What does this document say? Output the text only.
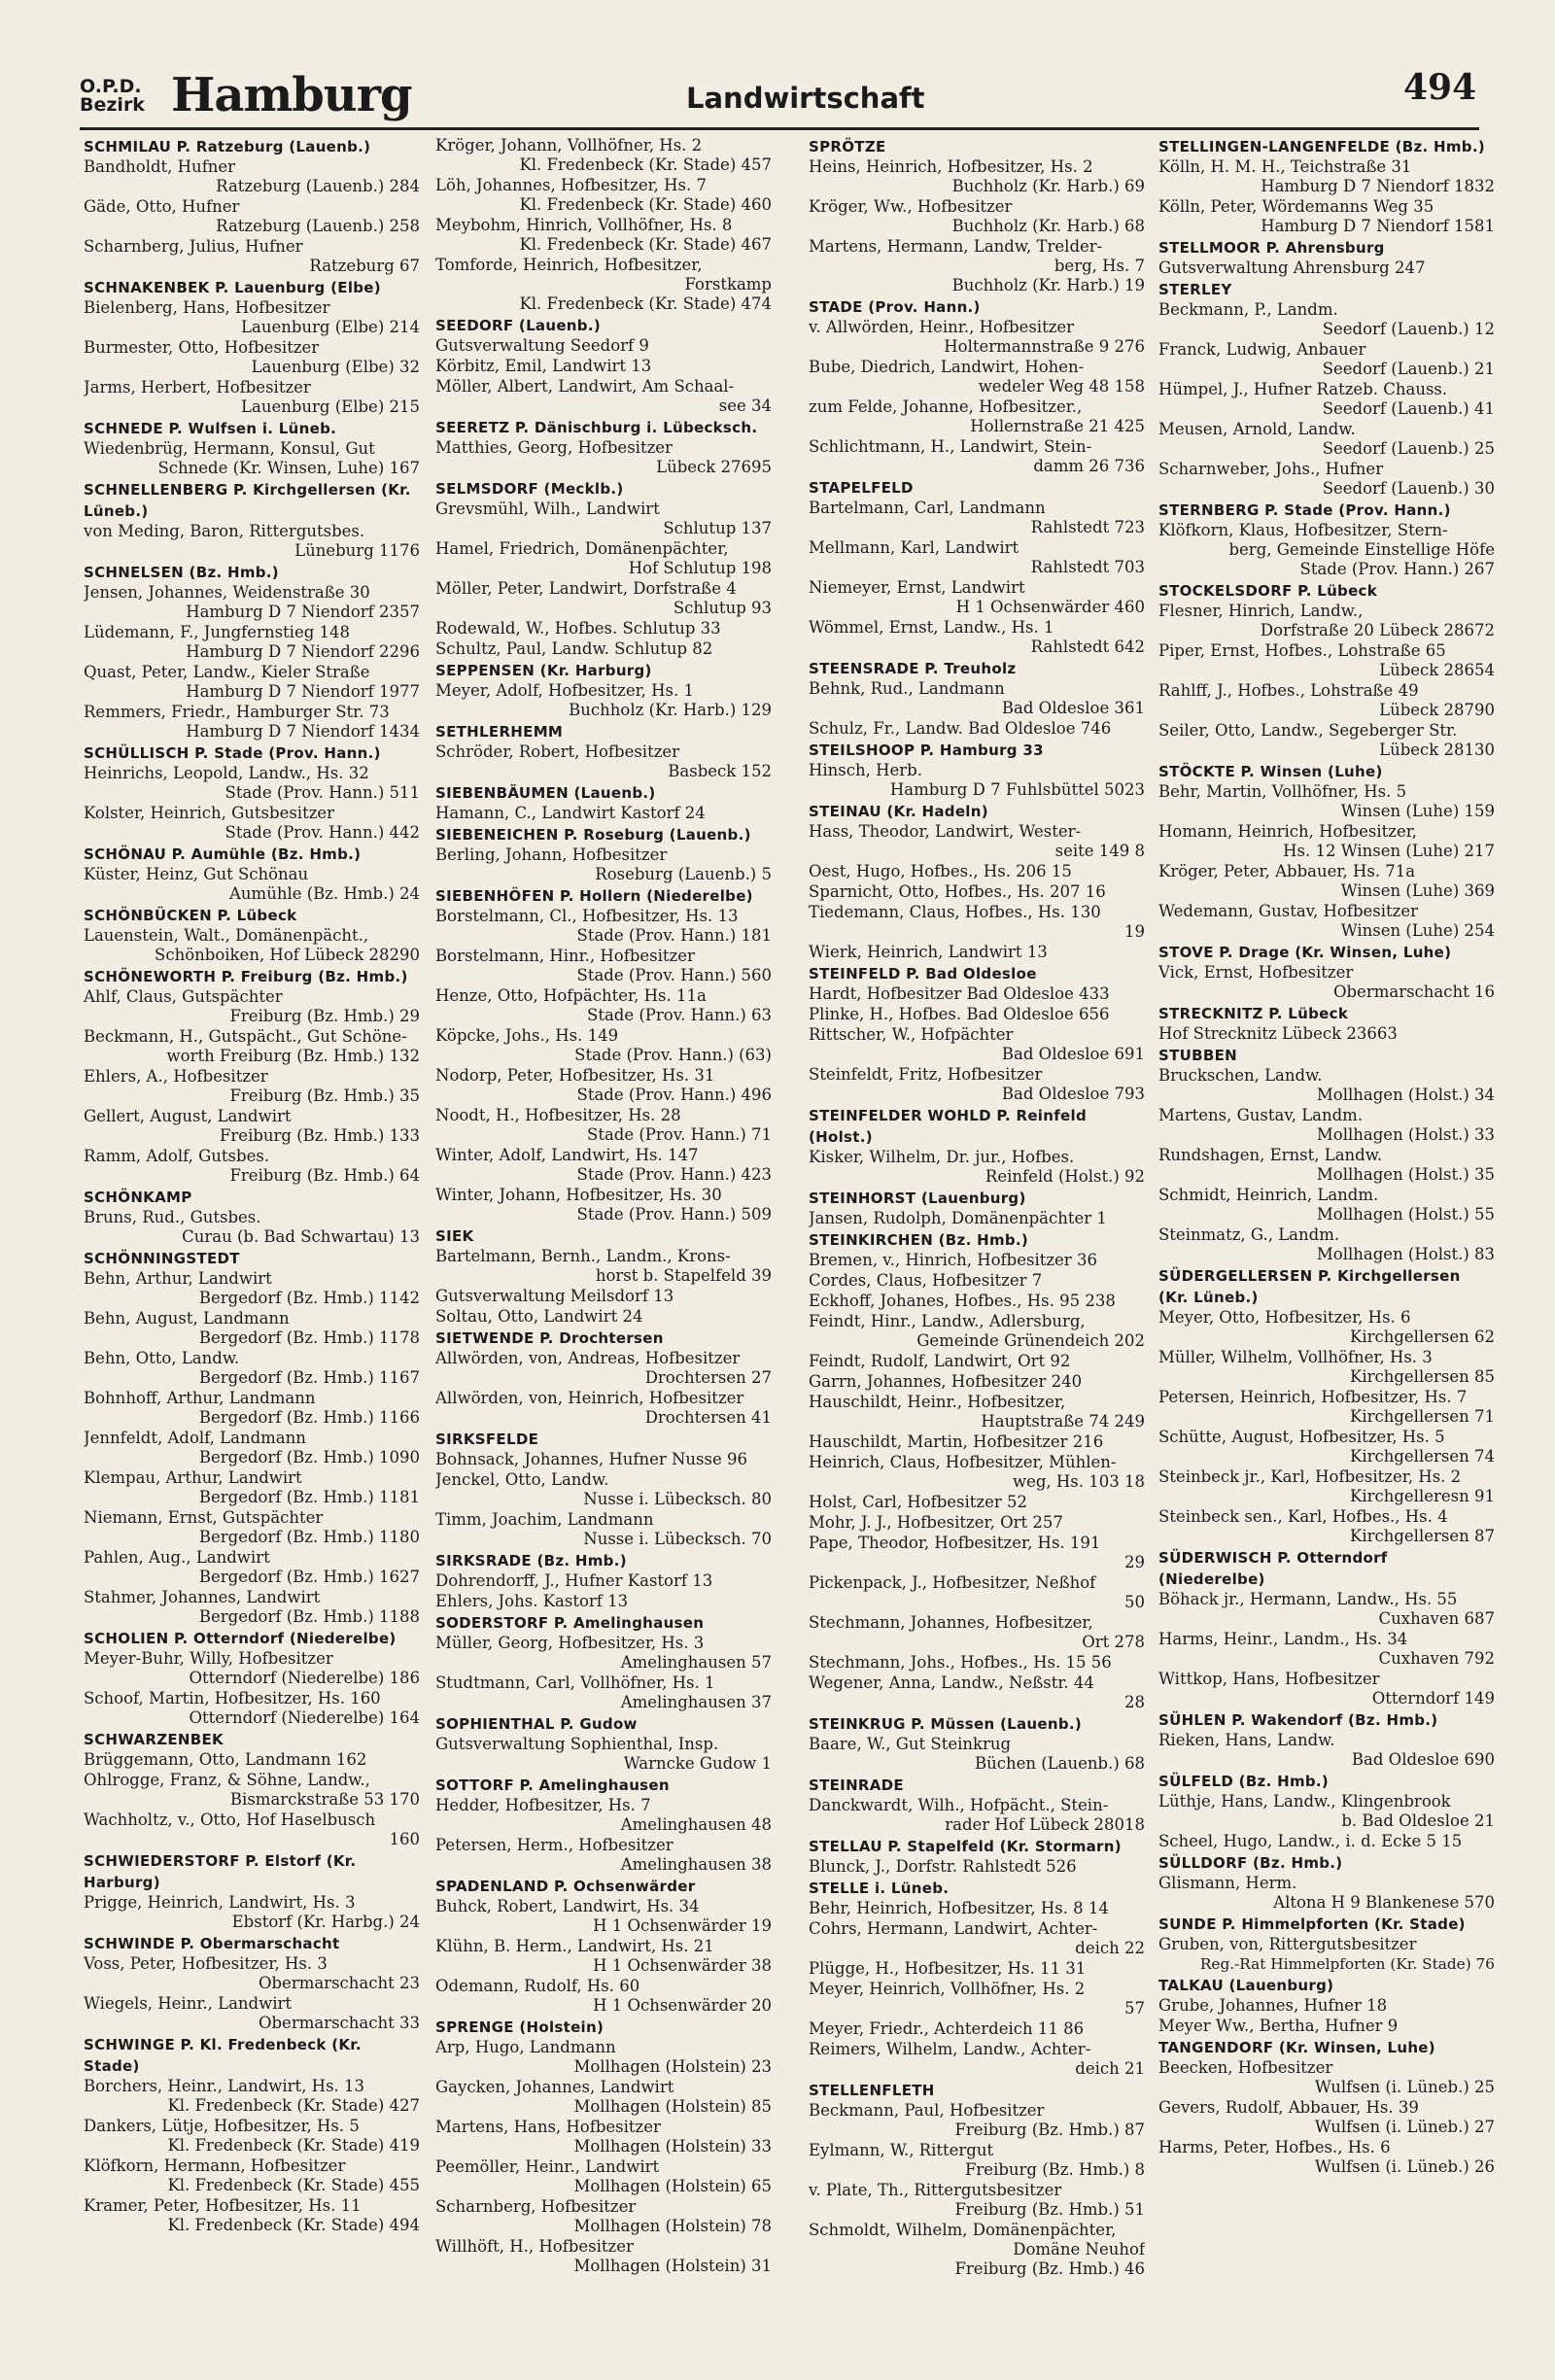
O.P.D.
Bezirk Hamburg	Landwirtschaft	494
SCHMILAU P. Ratzeburg (Lauenb.)
Bandholdt, Hufner
Ratzeburg (Lauenb.) 284
Gäde, Otto, Hufner
Ratzeburg (Lauenb.) 258
Scharnberg, Julius, Hufner
Ratzeburg 67
SCHNAKENBEK P. Lauenburg (Elbe)
Bielenberg, Hans, Hofbesitzer
Lauenburg (Elbe) 214
Burmester, Otto, Hofbesitzer
Lauenburg (Elbe) 32
Jarms, Herbert, Hofbesitzer
Lauenburg (Elbe) 215
SCHNEDE P. Wulfsen i. Lüneb.
Wiedenbrüg, Hermann, Konsul, Gut
Schnede (Kr. Winsen, Luhe) 167
SCHNELLENBERG P. Kirchgellersen (Kr. Lüneb.)
von Meding, Baron, Rittergutsbes.
Lüneburg 1176
SCHNELSEN (Bz. Hmb.)
Jensen, Johannes, Weidenstraße 30
Hamburg D 7 Niendorf 2357
Lüdemann, F., Jungfernstieg 148
Hamburg D 7 Niendorf 2296
Quast, Peter, Landw., Kieler Straße
Hamburg D 7 Niendorf 1977
Remmers, Friedr., Hamburger Str. 73
Hamburg D 7 Niendorf 1434
SCHÜLLISCH P. Stade (Prov. Hann.)
Heinrichs, Leopold, Landw., Hs. 32
Stade (Prov. Hann.) 511
Kolster, Heinrich, Gutsbesitzer
Stade (Prov. Hann.) 442
SCHÖNAU P. Aumühle (Bz. Hmb.)
Küster, Heinz, Gut Schönau
Aumühle (Bz. Hmb.) 24
SCHÖNBÜCKEN P. Lübeck
Lauenstein, Walt., Domänenpächt.,
Schönboiken, Hof Lübeck 28290
SCHÖNEWORTH P. Freiburg (Bz. Hmb.)
Ahlf, Claus, Gutspächter
Freiburg (Bz. Hmb.) 29
Beckmann, H., Gutspächt., Gut Schöne-
worth Freiburg (Bz. Hmb.) 132
Ehlers, A., Hofbesitzer
Freiburg (Bz. Hmb.) 35
Gellert, August, Landwirt
Freiburg (Bz. Hmb.) 133
Ramm, Adolf, Gutsbes.
Freiburg (Bz. Hmb.) 64
SCHÖNKAMP
Bruns, Rud., Gutsbes.
Curau (b. Bad Schwartau) 13
SCHÖNNINGSTEDT
Behn, Arthur, Landwirt
Bergedorf (Bz. Hmb.) 1142
Behn, August, Landmann
Bergedorf (Bz. Hmb.) 1178
Behn, Otto, Landw.
Bergedorf (Bz. Hmb.) 1167
Bohnhoff, Arthur, Landmann
Bergedorf (Bz. Hmb.) 1166
Jennfeldt, Adolf, Landmann
Bergedorf (Bz. Hmb.) 1090
Klempau, Arthur, Landwirt
Bergedorf (Bz. Hmb.) 1181
Niemann, Ernst, Gutspächter
Bergedorf (Bz. Hmb.) 1180
Pahlen, Aug., Landwirt
Bergedorf (Bz. Hmb.) 1627
Stahmer, Johannes, Landwirt
Bergedorf (Bz. Hmb.) 1188
SCHOLIEN P. Otterndorf (Niederelbe)
Meyer-Buhr, Willy, Hofbesitzer
Otterndorf (Niederelbe) 186
Schoof, Martin, Hofbesitzer, Hs. 160
Otterndorf (Niederelbe) 164
SCHWARZENBEK
Brüggemann, Otto, Landmann 162
Ohlrogge, Franz, & Söhne, Landw.,
Bismarckstraße 53 170
Wachholtz, v., Otto, Hof Haselbusch
160
SCHWIEDERSTORF P. Elstorf (Kr. Harburg)
Prigge, Heinrich, Landwirt, Hs. 3
Ebstorf (Kr. Harbg.) 24
SCHWINDE P. Obermarschacht
Voss, Peter, Hofbesitzer, Hs. 3
Obermarschacht 23
Wiegels, Heinr., Landwirt
Obermarschacht 33
SCHWINGE P. Kl. Fredenbeck (Kr. Stade)
Borchers, Heinr., Landwirt, Hs. 13
Kl. Fredenbeck (Kr. Stade) 427
Dankers, Lütje, Hofbesitzer, Hs. 5
Kl. Fredenbeck (Kr. Stade) 419
Klöfkorn, Hermann, Hofbesitzer
Kl. Fredenbeck (Kr. Stade) 455
Kramer, Peter, Hofbesitzer, Hs. 11
Kl. Fredenbeck (Kr. Stade) 494
Kröger, Johann, Vollhöfner, Hs. 2
Kl. Fredenbeck (Kr. Stade) 457
Löh, Johannes, Hofbesitzer, Hs. 7
Kl. Fredenbeck (Kr. Stade) 460
Meybohm, Hinrich, Vollhöfner, Hs. 8
Kl. Fredenbeck (Kr. Stade) 467
Tomforde, Heinrich, Hofbesitzer,
Forstkamp
Kl. Fredenbeck (Kr. Stade) 474
SEEDORF (Lauenb.)
Gutsverwaltung Seedorf 9
Körbitz, Emil, Landwirt 13
Möller, Albert, Landwirt, Am Schaal-
see 34
SEERETZ P. Dänischburg i. Lübecksch.
Matthies, Georg, Hofbesitzer
Lübeck 27695
SELMSDORF (Mecklb.)
Grevsmühl, Wilh., Landwirt
Schlutup 137
Hamel, Friedrich, Domänenpächter,
Hof Schlutup 198
Möller, Peter, Landwirt, Dorfstraße 4
Schlutup 93
Rodewald, W., Hofbes. Schlutup 33
Schultz, Paul, Landw. Schlutup 82
SEPPENSEN (Kr. Harburg)
Meyer, Adolf, Hofbesitzer, Hs. 1
Buchholz (Kr. Harb.) 129
SETHLERHEMM
Schröder, Robert, Hofbesitzer
Basbeck 152
SIEBENBÄUMEN (Lauenb.)
Hamann, C., Landwirt Kastorf 24
SIEBENEICHEN P. Roseburg (Lauenb.)
Berling, Johann, Hofbesitzer
Roseburg (Lauenb.) 5
SIEBENHÖFEN P. Hollern (Niederelbe)
Borstelmann, Cl., Hofbesitzer, Hs. 13
Stade (Prov. Hann.) 181
Borstelmann, Hinr., Hofbesitzer
Stade (Prov. Hann.) 560
Henze, Otto, Hofpächter, Hs. 11a
Stade (Prov. Hann.) 63
Köpcke, Johs., Hs. 149
Stade (Prov. Hann.) (63)
Nodorp, Peter, Hofbesitzer, Hs. 31
Stade (Prov. Hann.) 496
Noodt, H., Hofbesitzer, Hs. 28
Stade (Prov. Hann.) 71
Winter, Adolf, Landwirt, Hs. 147
Stade (Prov. Hann.) 423
Winter, Johann, Hofbesitzer, Hs. 30
Stade (Prov. Hann.) 509
SIEK
Bartelmann, Bernh., Landm., Krons-
horst b. Stapelfeld 39
Gutsverwaltung Meilsdorf 13
Soltau, Otto, Landwirt 24
SIETWENDE P. Drochtersen
Allwörden, von, Andreas, Hofbesitzer
Drochtersen 27
Allwörden, von, Heinrich, Hofbesitzer
Drochtersen 41
SIRKSFELDE
Bohnsack, Johannes, Hufner Nusse 96
Jenckel, Otto, Landw.
Nusse i. Lübecksch. 80
Timm, Joachim, Landmann
Nusse i. Lübecksch. 70
SIRKSRADE (Bz. Hmb.)
Dohrendorff, J., Hufner Kastorf 13
Ehlers, Johs. Kastorf 13
SODERSTORF P. Amelinghausen
Müller, Georg, Hofbesitzer, Hs. 3
Amelinghausen 57
Studtmann, Carl, Vollhöfner, Hs. 1
Amelinghausen 37
SOPHIENTHAL P. Gudow
Gutsverwaltung Sophienthal, Insp.
Warncke Gudow 1
SOTTORF P. Amelinghausen
Hedder, Hofbesitzer, Hs. 7
Amelinghausen 48
Petersen, Herm., Hofbesitzer
Amelinghausen 38
SPADENLAND P. Ochsenwärder
Buhck, Robert, Landwirt, Hs. 34
H 1 Ochsenwärder 19
Klühn, B. Herm., Landwirt, Hs. 21
H 1 Ochsenwärder 38
Odemann, Rudolf, Hs. 60
H 1 Ochsenwärder 20
SPRENGE (Holstein)
Arp, Hugo, Landmann
Mollhagen (Holstein) 23
Gaycken, Johannes, Landwirt
Mollhagen (Holstein) 85
Martens, Hans, Hofbesitzer
Mollhagen (Holstein) 33
Peemöller, Heinr., Landwirt
Mollhagen (Holstein) 65
Scharnberg, Hofbesitzer
Mollhagen (Holstein) 78
Willhöft, H., Hofbesitzer
Mollhagen (Holstein) 31
SPRÖTZE
Heins, Heinrich, Hofbesitzer, Hs. 2
Buchholz (Kr. Harb.) 69
Kröger, Ww., Hofbesitzer
Buchholz (Kr. Harb.) 68
Martens, Hermann, Landw, Trelder-
berg, Hs. 7
Buchholz (Kr. Harb.) 19
STADE (Prov. Hann.)
v. Allwörden, Heinr., Hofbesitzer
Holtermannstraße 9 276
Bube, Diedrich, Landwirt, Hohen-
wedeler Weg 48 158
zum Felde, Johanne, Hofbesitzer.,
Hollernstraße 21 425
Schlichtmann, H., Landwirt, Stein-
damm 26 736
STAPELFELD
Bartelmann, Carl, Landmann
Rahlstedt 723
Mellmann, Karl, Landwirt
Rahlstedt 703
Niemeyer, Ernst, Landwirt
H 1 Ochsenwärder 460
Wömmel, Ernst, Landw., Hs. 1
Rahlstedt 642
STEENSRADE P. Treuholz
Behnk, Rud., Landmann
Bad Oldesloe 361
Schulz, Fr., Landw. Bad Oldesloe 746
STEILSHOOP P. Hamburg 33
Hinsch, Herb.
Hamburg D 7 Fuhlsbüttel 5023
STEINAU (Kr. Hadeln)
Hass, Theodor, Landwirt, Wester-
seite 149 8
Oest, Hugo, Hofbes., Hs. 206 15
Sparnicht, Otto, Hofbes., Hs. 207 16
Tiedemann, Claus, Hofbes., Hs. 130
19
Wierk, Heinrich, Landwirt 13
STEINFELD P. Bad Oldesloe
Hardt, Hofbesitzer Bad Oldesloe 433
Plinke, H., Hofbes. Bad Oldesloe 656
Rittscher, W., Hofpächter
Bad Oldesloe 691
Steinfeldt, Fritz, Hofbesitzer
Bad Oldesloe 793
STEINFELDER WOHLD P. Reinfeld (Holst.)
Kisker, Wilhelm, Dr. jur., Hofbes.
Reinfeld (Holst.) 92
STEINHORST (Lauenburg)
Jansen, Rudolph, Domänenpächter 1
STEINKIRCHEN (Bz. Hmb.)
Bremen, v., Hinrich, Hofbesitzer 36
Cordes, Claus, Hofbesitzer 7
Eckhoff, Johanes, Hofbes., Hs. 95 238
Feindt, Hinr., Landw., Adlersburg,
Gemeinde Grünendeich 202
Feindt, Rudolf, Landwirt, Ort 92
Garrn, Johannes, Hofbesitzer 240
Hauschildt, Heinr., Hofbesitzer,
Hauptstraße 74 249
Hauschildt, Martin, Hofbesitzer 216
Heinrich, Claus, Hofbesitzer, Mühlen-
weg, Hs. 103 18
Holst, Carl, Hofbesitzer 52
Mohr, J. J., Hofbesitzer, Ort 257
Pape, Theodor, Hofbesitzer, Hs. 191
29
Pickenpack, J., Hofbesitzer, Neßhof
50
Stechmann, Johannes, Hofbesitzer,
Ort 278
Stechmann, Johs., Hofbes., Hs. 15 56
Wegener, Anna, Landw., Neßstr. 44
28
STEINKRUG P. Müssen (Lauenb.)
Baare, W., Gut Steinkrug
Büchen (Lauenb.) 68
STEINRADE
Danckwardt, Wilh., Hofpächt., Stein-
rader Hof Lübeck 28018
STELLAU P. Stapelfeld (Kr. Stormarn)
Blunck, J., Dorfstr. Rahlstedt 526
STELLE i. Lüneb.
Behr, Heinrich, Hofbesitzer, Hs. 8 14
Cohrs, Hermann, Landwirt, Achter-
deich 22
Plügge, H., Hofbesitzer, Hs. 11 31
Meyer, Heinrich, Vollhöfner, Hs. 2
57
Meyer, Friedr., Achterdeich 11 86
Reimers, Wilhelm, Landw., Achter-
deich 21
STELLENFLETH
Beckmann, Paul, Hofbesitzer
Freiburg (Bz. Hmb.) 87
Eylmann, W., Rittergut
Freiburg (Bz. Hmb.) 8
v. Plate, Th., Rittergutsbesitzer
Freiburg (Bz. Hmb.) 51
Schmoldt, Wilhelm, Domänenpächter,
Domäne Neuhof
Freiburg (Bz. Hmb.) 46
STELLINGEN-LANGENFELDE (Bz. Hmb.)
Kölln, H. M. H., Teichstraße 31
Hamburg D 7 Niendorf 1832
Kölln, Peter, Wördemanns Weg 35
Hamburg D 7 Niendorf 1581
STELLMOOR P. Ahrensburg
Gutsverwaltung Ahrensburg 247
STERLEY
Beckmann, P., Landm.
Seedorf (Lauenb.) 12
Franck, Ludwig, Anbauer
Seedorf (Lauenb.) 21
Hümpel, J., Hufner Ratzeb. Chauss.
Seedorf (Lauenb.) 41
Meusen, Arnold, Landw.
Seedorf (Lauenb.) 25
Scharnweber, Johs., Hufner
Seedorf (Lauenb.) 30
STERNBERG P. Stade (Prov. Hann.)
Klöfkorn, Klaus, Hofbesitzer, Stern-
berg, Gemeinde Einstellige Höfe
Stade (Prov. Hann.) 267
STOCKELSDORF P. Lübeck
Flesner, Hinrich, Landw.,
Dorfstraße 20 Lübeck 28672
Piper, Ernst, Hofbes., Lohstraße 65
Lübeck 28654
Rahlff, J., Hofbes., Lohstraße 49
Lübeck 28790
Seiler, Otto, Landw., Segeberger Str.
Lübeck 28130
STÖCKTE P. Winsen (Luhe)
Behr, Martin, Vollhöfner, Hs. 5
Winsen (Luhe) 159
Homann, Heinrich, Hofbesitzer,
Hs. 12 Winsen (Luhe) 217
Kröger, Peter, Abbauer, Hs. 71a
Winsen (Luhe) 369
Wedemann, Gustav, Hofbesitzer
Winsen (Luhe) 254
STOVE P. Drage (Kr. Winsen, Luhe)
Vick, Ernst, Hofbesitzer
Obermarschacht 16
STRECKNITZ P. Lübeck
Hof Strecknitz Lübeck 23663
STUBBEN
Bruckschen, Landw.
Mollhagen (Holst.) 34
Martens, Gustav, Landm.
Mollhagen (Holst.) 33
Rundshagen, Ernst, Landw.
Mollhagen (Holst.) 35
Schmidt, Heinrich, Landm.
Mollhagen (Holst.) 55
Steinmatz, G., Landm.
Mollhagen (Holst.) 83
SÜDERGELLERSEN P. Kirchgellersen (Kr. Lüneb.)
Meyer, Otto, Hofbesitzer, Hs. 6
Kirchgellersen 62
Müller, Wilhelm, Vollhöfner, Hs. 3
Kirchgellersen 85
Petersen, Heinrich, Hofbesitzer, Hs. 7
Kirchgellersen 71
Schütte, August, Hofbesitzer, Hs. 5
Kirchgellersen 74
Steinbeck jr., Karl, Hofbesitzer, Hs. 2
Kirchgelleresn 91
Steinbeck sen., Karl, Hofbes., Hs. 4
Kirchgellersen 87
SÜDERWISCH P. Otterndorf (Niederelbe)
Böhack jr., Hermann, Landw., Hs. 55
Cuxhaven 687
Harms, Heinr., Landm., Hs. 34
Cuxhaven 792
Wittkop, Hans, Hofbesitzer
Otterndorf 149
SÜHLEN P. Wakendorf (Bz. Hmb.)
Rieken, Hans, Landw.
Bad Oldesloe 690
SÜLFELD (Bz. Hmb.)
Lüthje, Hans, Landw., Klingenbrook
b. Bad Oldesloe 21
Scheel, Hugo, Landw., i. d. Ecke 5 15
SÜLLDORF (Bz. Hmb.)
Glismann, Herm.
Altona H 9 Blankenese 570
SUNDE P. Himmelpforten (Kr. Stade)
Gruben, von, Rittergutsbesitzer
Reg.-Rat Himmelpforten (Kr. Stade) 76
TALKAU (Lauenburg)
Grube, Johannes, Hufner 18
Meyer Ww., Bertha, Hufner 9
TANGENDORF (Kr. Winsen, Luhe)
Beecken, Hofbesitzer
Wulfsen (i. Lüneb.) 25
Gevers, Rudolf, Abbauer, Hs. 39
Wulfsen (i. Lüneb.) 27
Harms, Peter, Hofbes., Hs. 6
Wulfsen (i. Lüneb.) 26
